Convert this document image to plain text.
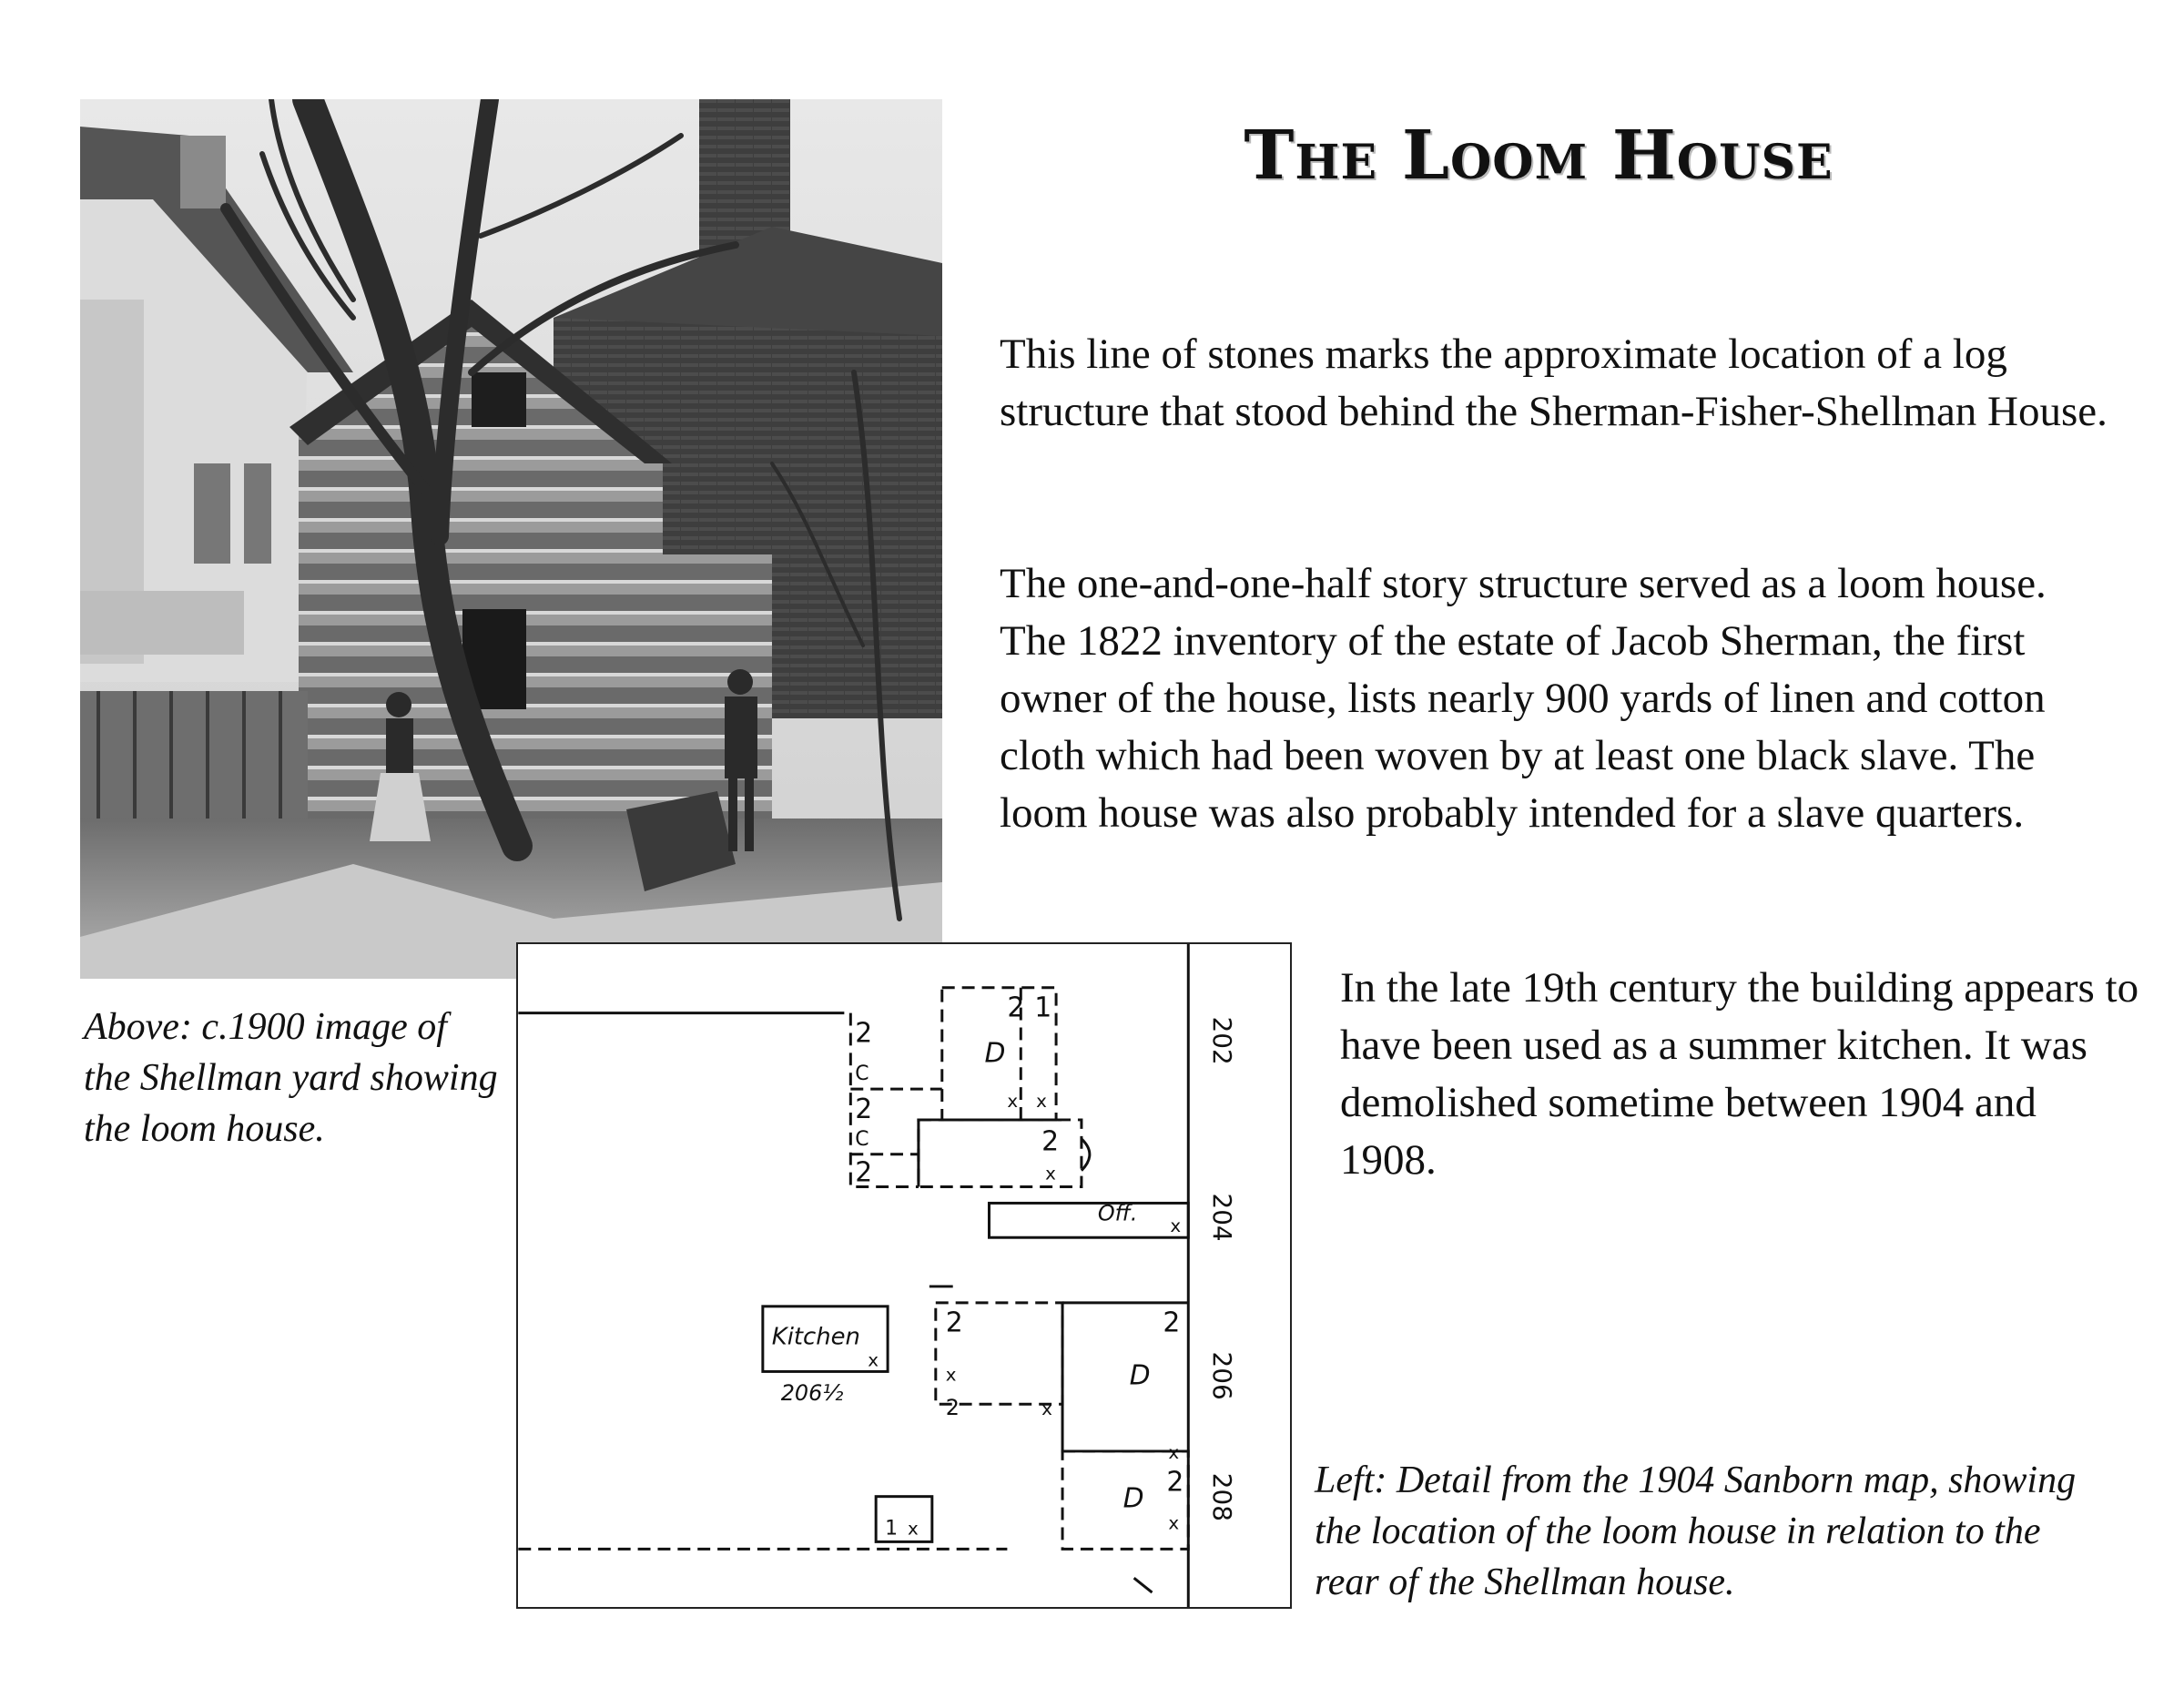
The Loom House

This line of stones marks the approximate location of a log structure that stood behind the Sherman-Fisher-Shellman House.

The one-and-one-half story structure served as a loom house. The 1822 inventory of the estate of Jacob Sherman, the first owner of the house, lists nearly 900 yards of linen and cotton cloth which had been woven by at least one black slave. The loom house was also probably intended for a slave quarters.

In the late 19th century the building appears to have been used as a summer kitchen. It was demolished sometime between 1904 and 1908.

Above: c.1900 image of the Shellman yard showing the loom house.

Left: Detail from the 1904 Sanborn map, showing the location of the loom house in relation to the rear of the Shellman house.

2
C
2
C
2
2 1
D
x x
2
x
Off.
x
Kitchen
x
206½
2	2
D
x
2	x
x
2
D
x
1 x
202
204
206
208
